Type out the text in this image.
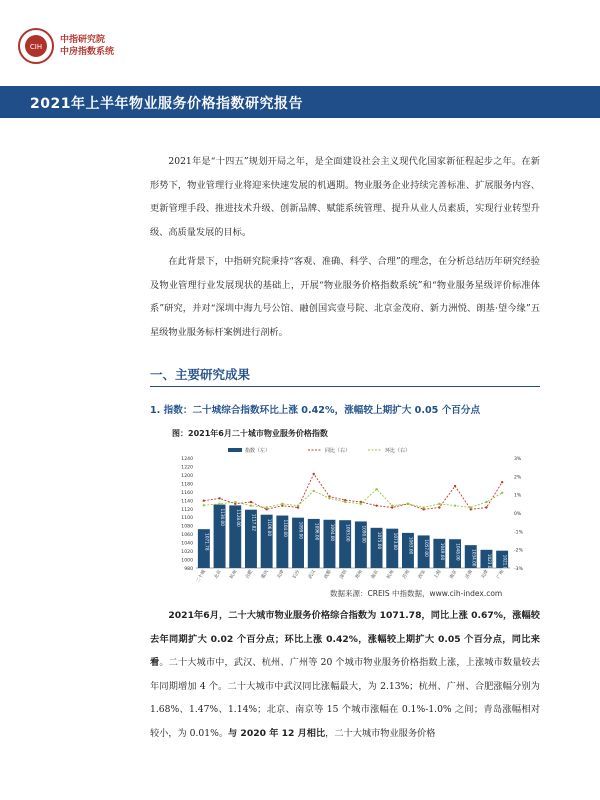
CIH
中指研究院
中房指数系统
2021年上半年物业服务价格指数研究报告
2021年是“十四五”规划开局之年，是全面建设社会主义现代化国家新征程起步之年。在新形势下，物业管理行业将迎来快速发展的机遇期。物业服务企业持续完善标准、扩展服务内容、更新管理手段、推进技术升级、创新品牌、赋能系统管理、提升从业人员素质，实现行业转型升级、高质量发展的目标。
在此背景下，中指研究院秉持“客观、准确、科学、合理”的理念，在分析总结历年研究经验及物业管理行业发展现状的基础上，开展“物业服务价格指数系统”和“物业服务星级评价标准体系”研究，并对“深圳中海九号公馆、融创国宾壹号院、北京金茂府、新力洲悦、朗基·望今缘”五星级物业服务标杆案例进行剖析。
一、主要研究成果
1. 指数：二十城综合指数环比上涨 0.42%，涨幅较上期扩大 0.05 个百分点
图：2021年6月二十城市物业服务价格指数
980
1000
1020
1040
1060
1080
1100
1120
1140
1160
1180
1200
1220
1240	3%
2%
1%
0%
-1%
-2%
-3%
1071.78
二十城
1130.00
北京
1128.00
杭州
1117.82
合肥
1106.00
重庆
1104.00
天津
1099.00
长沙
1096.00
武汉
1094.00
成都
1093.00
深圳
1090.00
郑州
1075.00
南京
1073.00
杭州
1063.00
苏州
1057.00
西安
1049.00
上海
1048.00
南京
1034.00
济南
1023.00
天津
1021.00
广州
指数（左）	同比（右）	环比（右）
数据来源：CREIS 中指数据，www.cih-index.com
2021年6月，二十大城市物业服务价格综合指数为 1071.78，同比上涨 0.67%，涨幅较去年同期扩大 0.02 个百分点；环比上涨 0.42%，涨幅较上期扩大 0.05 个百分点，同比来看。二十大城市中，武汉、杭州、广州等 20 个城市物业服务价格指数上涨，上涨城市数量较去年同期增加 4 个。二十大城市中武汉同比涨幅最大，为 2.13%；杭州、广州、合肥涨幅分别为 1.68%、1.47%、1.14%；北京、南京等 15 个城市涨幅在 0.1%-1.0% 之间；青岛涨幅相对较小，为 0.01%。与 2020 年 12 月相比，二十大城市物业服务价格
